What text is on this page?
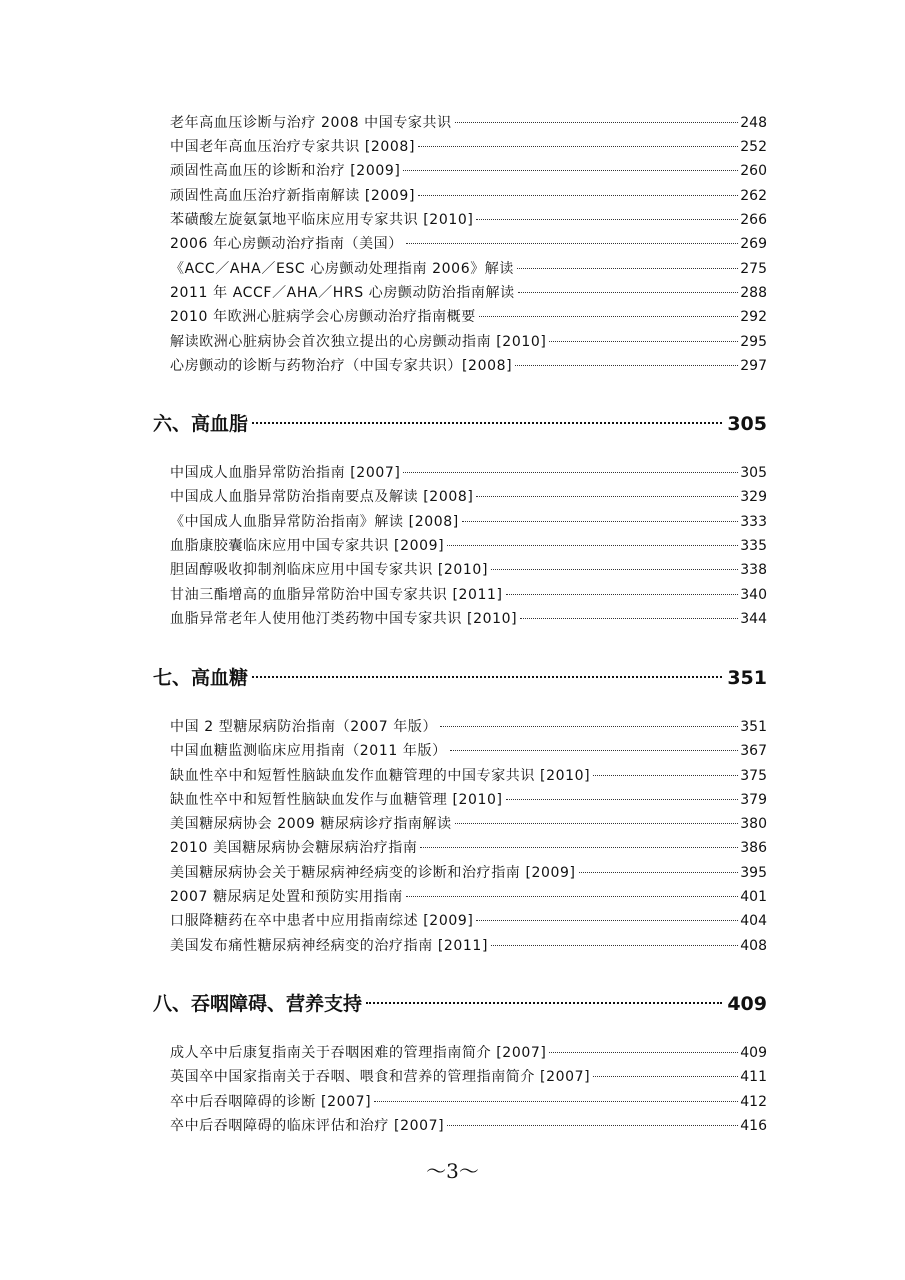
老年高血压诊断与治疗 2008 中国专家共识	248
中国老年高血压治疗专家共识 [2008]	252
顽固性高血压的诊断和治疗 [2009]	260
顽固性高血压治疗新指南解读 [2009]	262
苯磺酸左旋氨氯地平临床应用专家共识 [2010]	266
2006 年心房颤动治疗指南（美国）	269
《ACC／AHA／ESC 心房颤动处理指南 2006》解读	275
2011 年 ACCF／AHA／HRS 心房颤动防治指南解读	288
2010 年欧洲心脏病学会心房颤动治疗指南概要	292
解读欧洲心脏病协会首次独立提出的心房颤动指南 [2010]	295
心房颤动的诊断与药物治疗（中国专家共识）[2008]	297
六、高血脂	305
中国成人血脂异常防治指南 [2007]	305
中国成人血脂异常防治指南要点及解读 [2008]	329
《中国成人血脂异常防治指南》解读 [2008]	333
血脂康胶囊临床应用中国专家共识 [2009]	335
胆固醇吸收抑制剂临床应用中国专家共识 [2010]	338
甘油三酯增高的血脂异常防治中国专家共识 [2011]	340
血脂异常老年人使用他汀类药物中国专家共识 [2010]	344
七、高血糖	351
中国 2 型糖尿病防治指南（2007 年版）	351
中国血糖监测临床应用指南（2011 年版）	367
缺血性卒中和短暂性脑缺血发作血糖管理的中国专家共识 [2010]	375
缺血性卒中和短暂性脑缺血发作与血糖管理 [2010]	379
美国糖尿病协会 2009 糖尿病诊疗指南解读	380
2010 美国糖尿病协会糖尿病治疗指南	386
美国糖尿病协会关于糖尿病神经病变的诊断和治疗指南 [2009]	395
2007 糖尿病足处置和预防实用指南	401
口服降糖药在卒中患者中应用指南综述 [2009]	404
美国发布痛性糖尿病神经病变的治疗指南 [2011]	408
八、吞咽障碍、营养支持	409
成人卒中后康复指南关于吞咽困难的管理指南简介 [2007]	409
英国卒中国家指南关于吞咽、喂食和营养的管理指南简介 [2007]	411
卒中后吞咽障碍的诊断 [2007]	412
卒中后吞咽障碍的临床评估和治疗 [2007]	416
～3～
